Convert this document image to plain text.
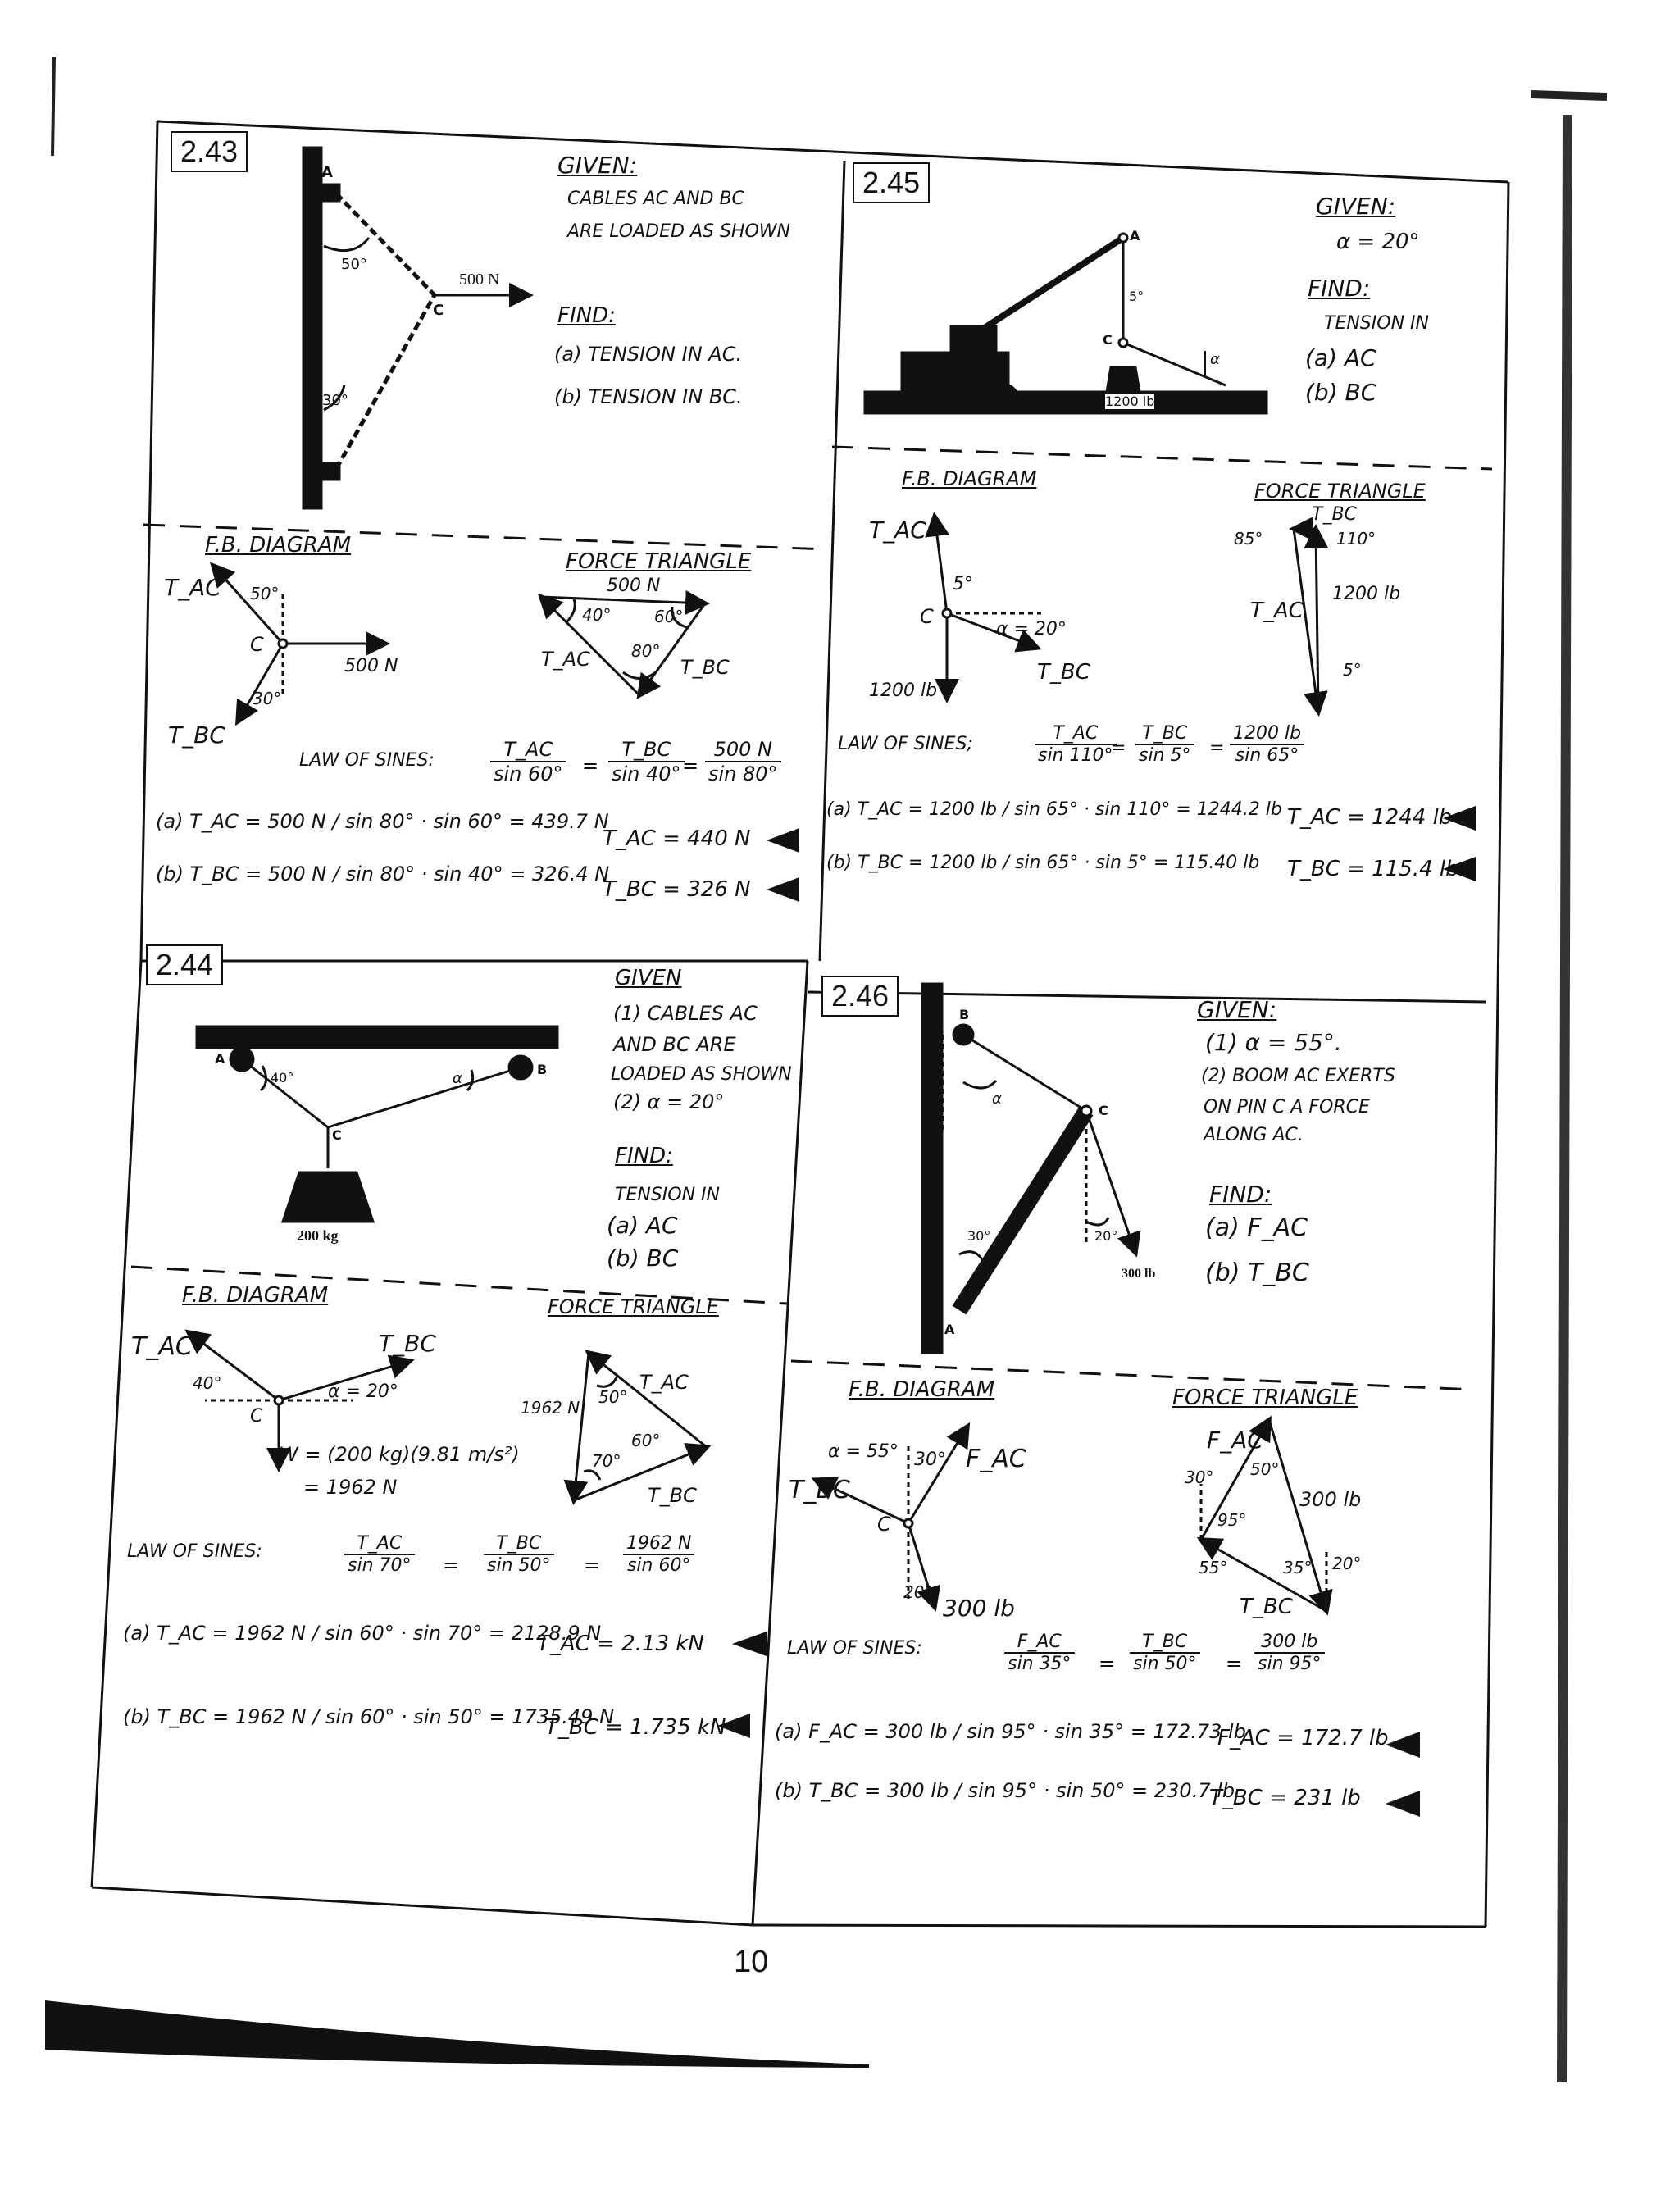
2.43	GIVEN:
CABLES AC AND BC
ARE LOADED AS SHOWN
FIND:
(a) TENSION IN AC.
(b) TENSION IN BC.
A
B
C
50°
30°
500 N
F.B. DIAGRAM
T_AC
T_BC
C
50°
30°
500 N
FORCE TRIANGLE
500 N
40°	60°
80°
T_AC	T_BC
LAW OF SINES:	$\frac{T\_AC}{\sin 60^\circ} = \frac{T\_BC}{\sin 40^\circ}$
= $\frac{500 N}{\sin 80^\circ}$
(a) T_AC = 500 N / sin 80° · sin 60° = 439.7 N
(b) T_BC = 500 N / sin 80° · sin 40° = 326.4 N
T_AC = 440 N
T_BC = 326 N
2.45
GIVEN:
α = 20°
FIND:
TENSION IN
(a) AC
(b) BC
A
C
B
5°
α
1200 lb
F.B. DIAGRAM
T_AC
5°
C
α = 20°
T_BC
1200 lb
FORCE TRIANGLE
85°
T_BC
110°
1200 lb
T_AC
5°
LAW OF SINES;	$\frac{T\_AC}{\sin 110^\circ}$
= $\frac{T\_BC}{\sin 5^\circ} = \frac{1200 lb}{\sin 65^\circ}$
(a) T_AC = 1200 lb / sin 65° · sin 110° = 1244.2 lb
(b) T_BC = 1200 lb / sin 65° · sin 5° = 115.40 lb
T_AC = 1244 lb
T_BC = 115.4 lb
2.44	GIVEN
(1) CABLES AC
AND BC ARE
LOADED AS SHOWN
(2) α = 20°
FIND:
TENSION IN
(a) AC
(b) BC
A
B
C
40°	α
200 kg
F.B. DIAGRAM
T_AC	T_BC
40°	α = 20°
C
W = (200 kg)(9.81 m/s²)
= 1962 N
FORCE TRIANGLE
1962 N
50°
60°
70°
T_AC
T_BC
LAW OF SINES:	$\frac{T\_AC}{\sin 70^\circ} = \frac{T\_BC}{\sin 50^\circ} = \frac{1962 N}{\sin 60^\circ}$
(a) T_AC = 1962 N / sin 60° · sin 70° = 2128.9 N
(b) T_BC = 1962 N / sin 60° · sin 50° = 1735.49 N
T_AC = 2.13 kN
T_BC = 1.735 kN
2.46	GIVEN:
(1) α = 55°.
(2) BOOM AC EXERTS
ON PIN C A FORCE
ALONG AC.
FIND:
(a) F_AC
(b) T_BC
B
C
A
α
30°	20°
300 lb
F.B. DIAGRAM
α = 55° 30° F_AC
T_BC
C
20°
300 lb
FORCE TRIANGLE
F_AC
30° 50°
300 lb
95°
55°	35° 20°
T_BC
LAW OF SINES:	$\frac{F\_AC}{\sin 35^\circ} = \frac{T\_BC}{\sin 50^\circ} = \frac{300 lb}{\sin 95^\circ}$
(a) F_AC = 300 lb / sin 95° · sin 35° = 172.73 lb
(b) T_BC = 300 lb / sin 95° · sin 50° = 230.7 lb
F_AC = 172.7 lb
T_BC = 231 lb
10
